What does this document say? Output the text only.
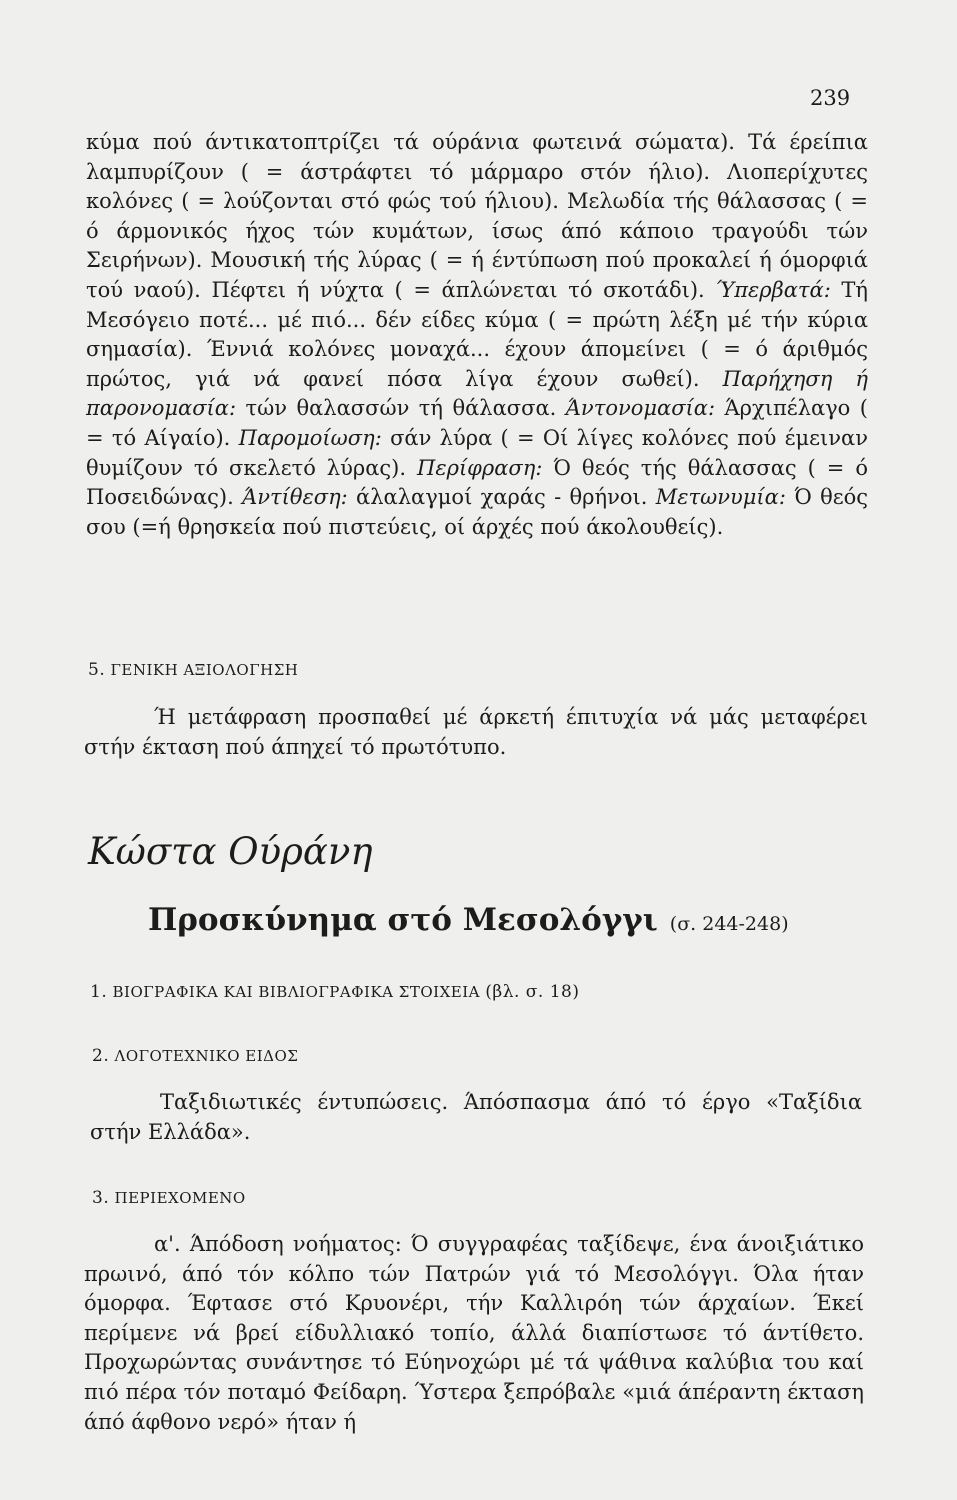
239

κύμα πού άντικατοπτρίζει τά ούράνια φωτεινά σώματα). Τά έρείπια λαμπυρίζουν ( = άστράφτει τό μάρμαρο στόν ήλιο). Λιοπερίχυτες κολόνες ( = λούζονται στό φώς τού ήλιου). Μελωδία τής θάλασσας ( = ό άρμονικός ήχος τών κυμάτων, ίσως άπό κάποιο τραγούδι τών Σειρήνων). Μουσική τής λύρας ( = ή έντύπωση πού προκαλεί ή όμορφιά τού ναού). Πέφτει ή νύχτα ( = άπλώνεται τό σκοτάδι). Ύπερβατά: Τή Μεσόγειο ποτέ... μέ πιό... δέν είδες κύμα ( = πρώτη λέξη μέ τήν κύρια σημασία). Έννιά κολόνες μοναχά... έχουν άπομείνει ( = ό άριθμός πρώτος, γιά νά φανεί πόσα λίγα έχουν σωθεί). Παρήχηση ή παρονομασία: τών θαλασσών τή θάλασσα. Άντονομασία: Άρχιπέλαγο ( = τό Αίγαίο). Παρομοίωση: σάν λύρα ( = Οί λίγες κολόνες πού έμειναν θυμίζουν τό σκελετό λύρας). Περίφραση: Ό θεός τής θάλασσας ( = ό Ποσειδώνας). Άντίθεση: άλαλαγμοί χαράς - θρήνοι. Μετωνυμία: Ό θεός σου (=ή θρησκεία πού πιστεύεις, οί άρχές πού άκολουθείς).

5. ΓΕΝΙΚΗ ΑΞΙΟΛΟΓΗΣΗ

Ή μετάφραση προσπαθεί μέ άρκετή έπιτυχία νά μάς μεταφέρει στήν έκταση πού άπηχεί τό πρωτότυπο.

Κώστα Ούράνη
Προσκύνημα στό Μεσολόγγι (σ. 244-248)
1. ΒΙΟΓΡΑΦΙΚΑ ΚΑΙ ΒΙΒΛΙΟΓΡΑΦΙΚΑ ΣΤΟΙΧΕΙΑ (βλ. σ. 18)
2. ΛΟΓΟΤΕΧΝΙΚΟ ΕΙΔΟΣ

Ταξιδιωτικές έντυπώσεις. Άπόσπασμα άπό τό έργο «Ταξίδια στήν Ελλάδα».

3. ΠΕΡΙΕΧΟΜΕΝΟ

α'. Άπόδοση νοήματος: Ό συγγραφέας ταξίδεψε, ένα άνοιξιάτικο πρωινό, άπό τόν κόλπο τών Πατρών γιά τό Μεσολόγγι. Όλα ήταν όμορφα. Έφτασε στό Κρυονέρι, τήν Καλλιρόη τών άρχαίων. Έκεί περίμενε νά βρεί είδυλλιακό τοπίο, άλλά διαπίστωσε τό άντίθετο. Προχωρώντας συνάντησε τό Εύηνοχώρι μέ τά ψάθινα καλύβια του καί πιό πέρα τόν ποταμό Φείδαρη. Ύστερα ξεπρόβαλε «μιά άπέραντη έκταση άπό άφθονο νερό» ήταν ή
